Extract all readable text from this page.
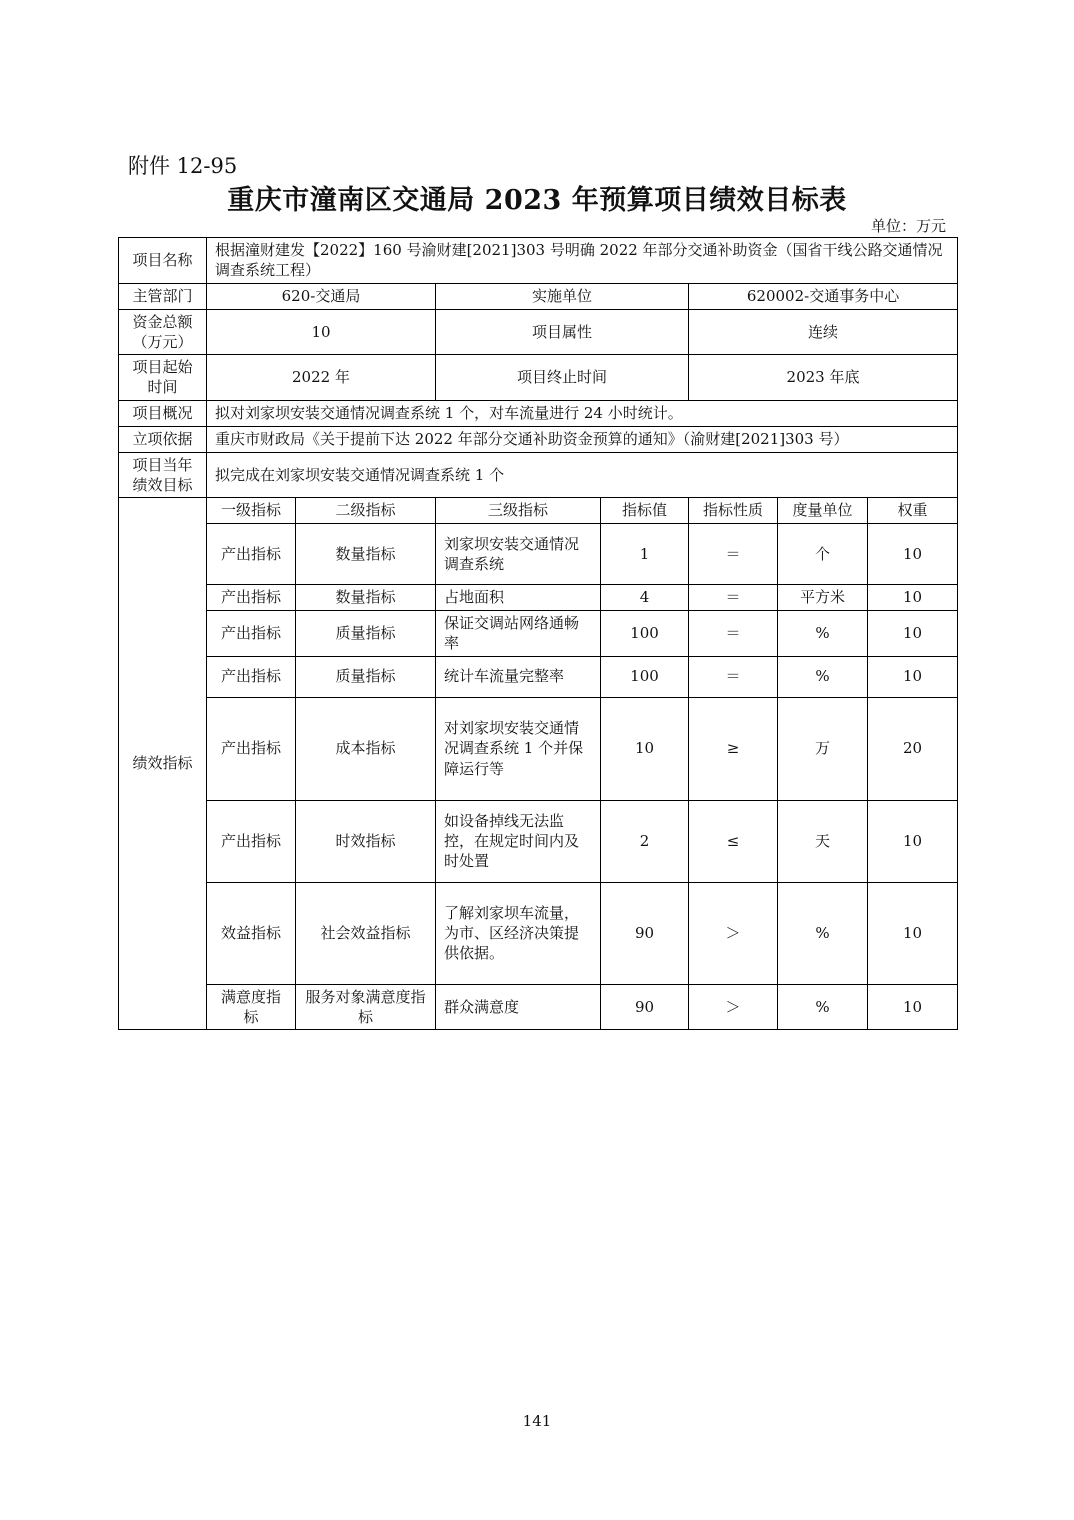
附件 12-95
重庆市潼南区交通局 2023 年预算项目绩效目标表
单位：万元
项目名称	根据潼财建发【2022】160 号渝财建[2021]303 号明确 2022 年部分交通补助资金（国省干线公路交通情况调查系统工程）						
主管部门	620-交通局		实施单位		620002-交通事务中心		
资金总额（万元）	10		项目属性		连续		
项目起始时间	2022 年		项目终止时间		2023 年底		
项目概况	拟对刘家坝安装交通情况调查系统 1 个，对车流量进行 24 小时统计。						
立项依据	重庆市财政局《关于提前下达 2022 年部分交通补助资金预算的通知》（渝财建[2021]303 号）						
项目当年绩效目标	拟完成在刘家坝安装交通情况调查系统 1 个						
绩效指标	一级指标	二级指标	三级指标	指标值	指标性质	度量单位	权重
	产出指标	数量指标	刘家坝安装交通情况调查系统	1	＝	个	10
	产出指标	数量指标	占地面积	4	＝	平方米	10
	产出指标	质量指标	保证交调站网络通畅率	100	＝	%	10
	产出指标	质量指标	统计车流量完整率	100	＝	%	10
	产出指标	成本指标	对刘家坝安装交通情况调查系统 1 个并保障运行等	10	≥	万	20
	产出指标	时效指标	如设备掉线无法监控，在规定时间内及时处置	2	≤	天	10
	效益指标	社会效益指标	了解刘家坝车流量，为市、区经济决策提供依据。	90	＞	%	10
	满意度指标	服务对象满意度指标	群众满意度	90	＞	%	10
141
